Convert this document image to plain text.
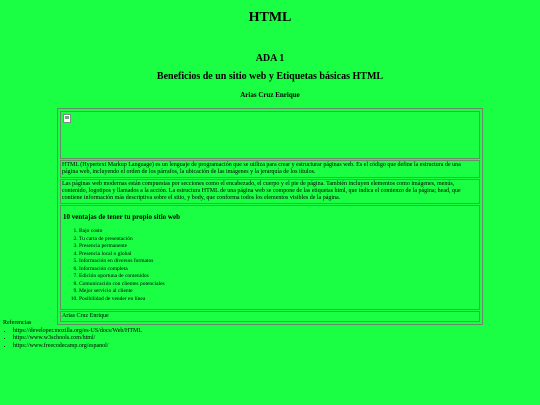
HTML
ADA 1
Beneficios de un sitio web y Etiquetas básicas HTML
Arias Cruz Enrique
HTML (Hypertext Markup Language) es un lenguaje de programación que se utiliza para crear y estructurar páginas web. Es el código que define la estructura de una página web, incluyendo el orden de los párrafos, la ubicación de las imágenes y la jerarquía de los títulos.
Las páginas web modernas están compuestas por secciones como el encabezado, el cuerpo y el pie de página. También incluyen elementos como imágenes, menús, contenido, logotipos y llamados a la acción. La estructura HTML de una página web se compone de las etiquetas html, que indica el comienzo de la página; head, que contiene información más descriptiva sobre el sitio, y body, que conforma todos los elementos visibles de la página.
10 ventajas de tener tu propio sitio web
1. Bajo costo
2. Tu carta de presentación
3. Presencia permanente
4. Presencia local o global
5. Información en diversos formatos
6. Información completa
7. Edición oportuna de contenidos
8. Comunicación con clientes potenciales
9. Mejor servicio al cliente
10. Posibilidad de vender en línea
Arias Cruz Enrique
Referencias
• https://developer.mozilla.org/es-US/docs/Web/HTML
• https://www.w3schools.com/html/
• https://www.freecodecamp.org/espanol/
